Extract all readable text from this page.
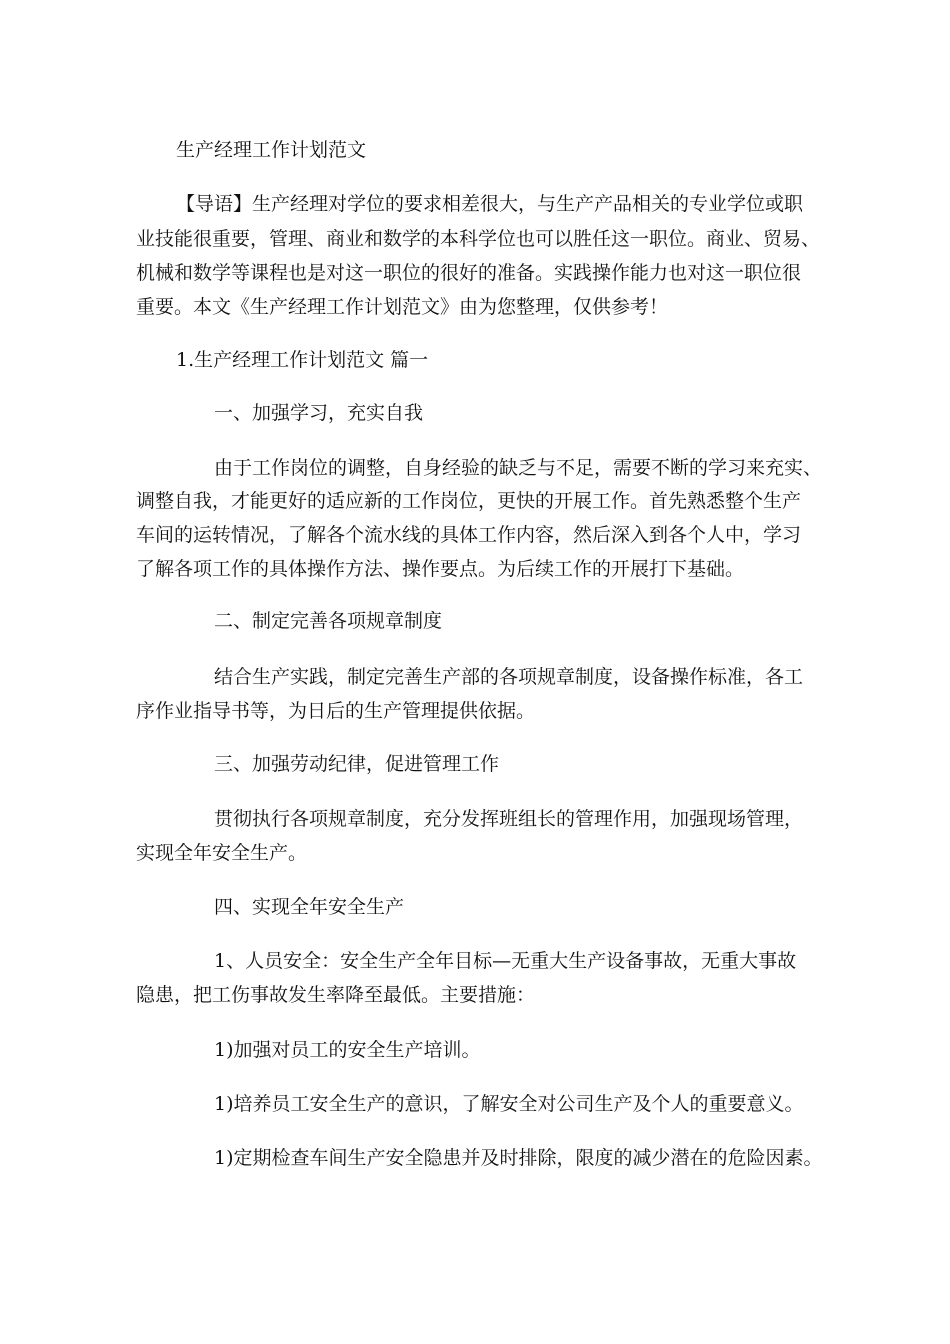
生产经理工作计划范文
【导语】生产经理对学位的要求相差很大，与生产产品相关的专业学位或职
业技能很重要，管理、商业和数学的本科学位也可以胜任这一职位。商业、贸易、
机械和数学等课程也是对这一职位的很好的准备。实践操作能力也对这一职位很
重要。本文《生产经理工作计划范文》由为您整理，仅供参考！
1.生产经理工作计划范文 篇一
一、加强学习，充实自我
由于工作岗位的调整，自身经验的缺乏与不足，需要不断的学习来充实、
调整自我，才能更好的适应新的工作岗位，更快的开展工作。首先熟悉整个生产
车间的运转情况，了解各个流水线的具体工作内容，然后深入到各个人中，学习
了解各项工作的具体操作方法、操作要点。为后续工作的开展打下基础。
二、制定完善各项规章制度
结合生产实践，制定完善生产部的各项规章制度，设备操作标准，各工
序作业指导书等，为日后的生产管理提供依据。
三、加强劳动纪律，促进管理工作
贯彻执行各项规章制度，充分发挥班组长的管理作用，加强现场管理，
实现全年安全生产。
四、实现全年安全生产
1、人员安全：安全生产全年目标—无重大生产设备事故，无重大事故
隐患，把工伤事故发生率降至最低。主要措施：
1)加强对员工的安全生产培训。
1)培养员工安全生产的意识，了解安全对公司生产及个人的重要意义。
1)定期检查车间生产安全隐患并及时排除，限度的减少潜在的危险因素。
